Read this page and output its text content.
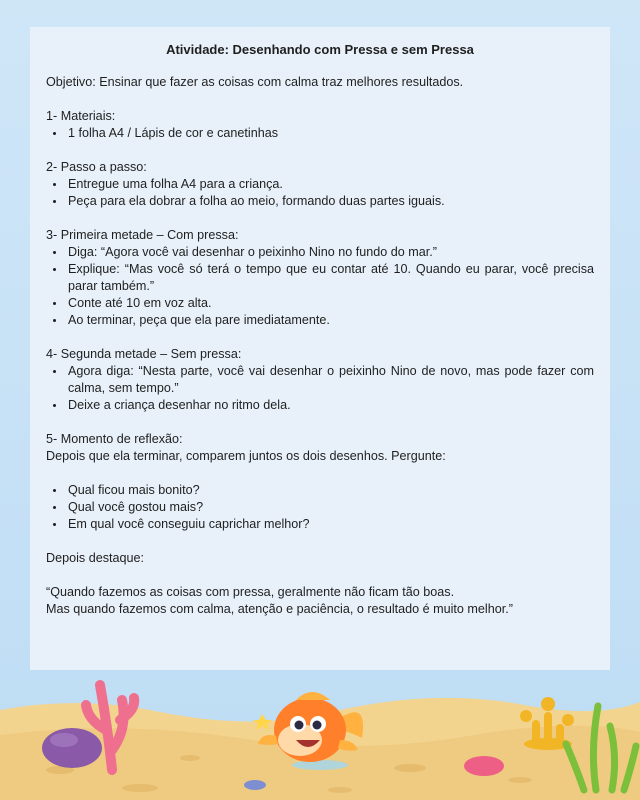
Atividade: Desenhando com Pressa e sem Pressa

Objetivo: Ensinar que fazer as coisas com calma traz melhores resultados.

1- Materiais:

• 1 folha A4 / Lápis de cor e canetinhas

2- Passo a passo:

• Entregue uma folha A4 para a criança.
• Peça para ela dobrar a folha ao meio, formando duas partes iguais.

3- Primeira metade – Com pressa:

• Diga: “Agora você vai desenhar o peixinho Nino no fundo do mar.”
• Explique: “Mas você só terá o tempo que eu contar até 10. Quando eu parar, você precisa parar também.”
• Conte até 10 em voz alta.
• Ao terminar, peça que ela pare imediatamente.

4- Segunda metade – Sem pressa:

• Agora diga: “Nesta parte, você vai desenhar o peixinho Nino de novo, mas pode fazer com calma, sem tempo.”
• Deixe a criança desenhar no ritmo dela.

5- Momento de reflexão:

Depois que ela terminar, comparem juntos os dois desenhos. Pergunte:

• Qual ficou mais bonito?
• Qual você gostou mais?
• Em qual você conseguiu caprichar melhor?

Depois destaque:

“Quando fazemos as coisas com pressa, geralmente não ficam tão boas.

Mas quando fazemos com calma, atenção e paciência, o resultado é muito melhor.”
